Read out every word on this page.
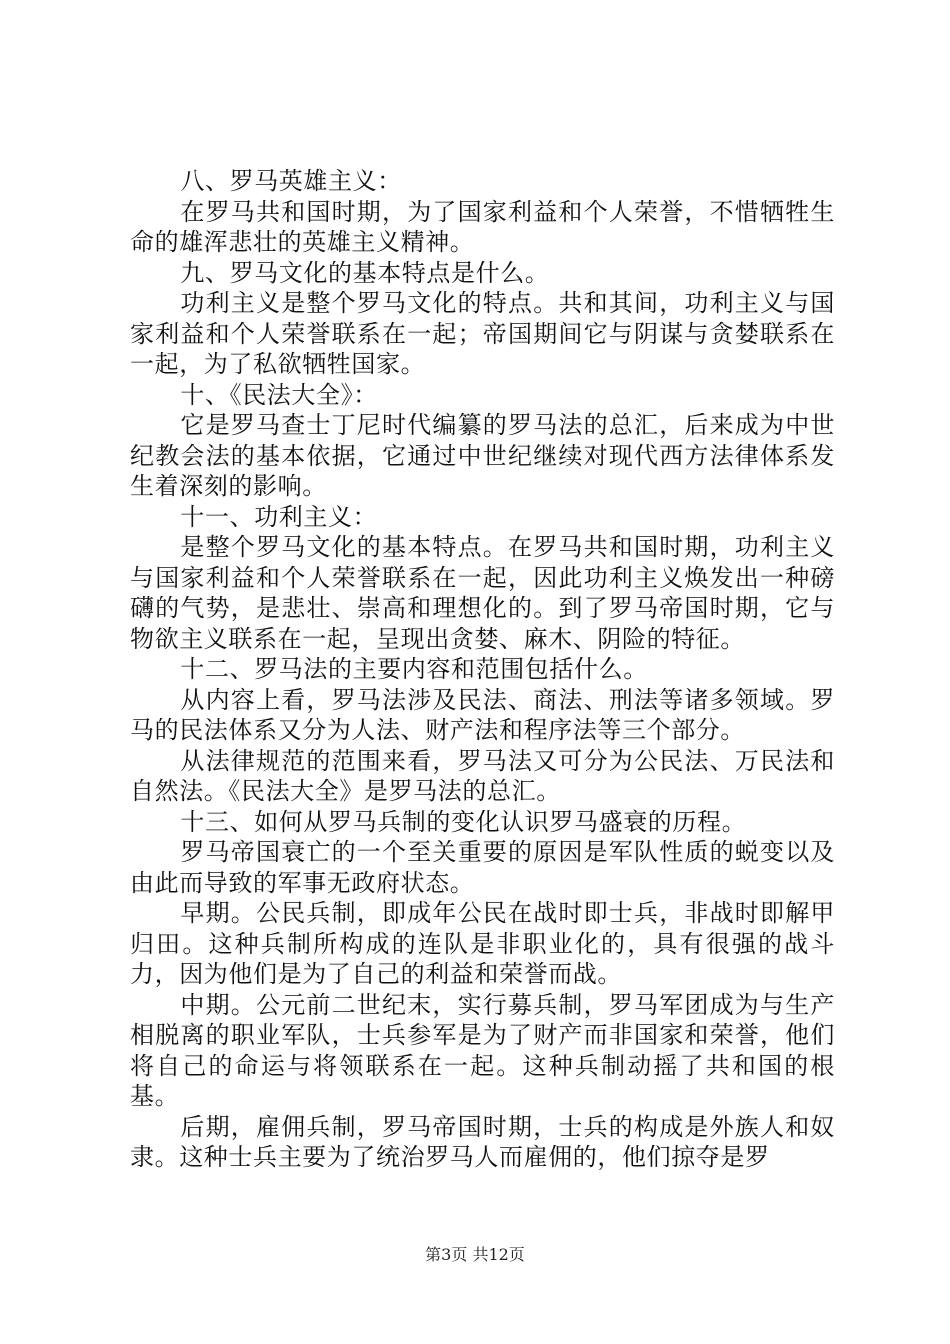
八、罗马英雄主义：

在罗马共和国时期，为了国家利益和个人荣誉，不惜牺牲生命的雄浑悲壮的英雄主义精神。

九、罗马文化的基本特点是什么。

功利主义是整个罗马文化的特点。共和其间，功利主义与国家利益和个人荣誉联系在一起；帝国期间它与阴谋与贪婪联系在一起，为了私欲牺牲国家。

十、《民法大全》：

它是罗马查士丁尼时代编纂的罗马法的总汇，后来成为中世纪教会法的基本依据，它通过中世纪继续对现代西方法律体系发生着深刻的影响。

十一、功利主义：

是整个罗马文化的基本特点。在罗马共和国时期，功利主义与国家利益和个人荣誉联系在一起，因此功利主义焕发出一种磅礴的气势，是悲壮、崇高和理想化的。到了罗马帝国时期，它与物欲主义联系在一起，呈现出贪婪、麻木、阴险的特征。

十二、罗马法的主要内容和范围包括什么。

从内容上看，罗马法涉及民法、商法、刑法等诸多领域。罗马的民法体系又分为人法、财产法和程序法等三个部分。

从法律规范的范围来看，罗马法又可分为公民法、万民法和自然法。《民法大全》是罗马法的总汇。

十三、如何从罗马兵制的变化认识罗马盛衰的历程。

罗马帝国衰亡的一个至关重要的原因是军队性质的蜕变以及由此而导致的军事无政府状态。

早期。公民兵制，即成年公民在战时即士兵，非战时即解甲归田。这种兵制所构成的连队是非职业化的，具有很强的战斗力，因为他们是为了自己的利益和荣誉而战。

中期。公元前二世纪末，实行募兵制，罗马军团成为与生产相脱离的职业军队，士兵参军是为了财产而非国家和荣誉，他们将自己的命运与将领联系在一起。这种兵制动摇了共和国的根基。

后期，雇佣兵制，罗马帝国时期，士兵的构成是外族人和奴隶。这种士兵主要为了统治罗马人而雇佣的，他们掠夺是罗

第3页 共12页
